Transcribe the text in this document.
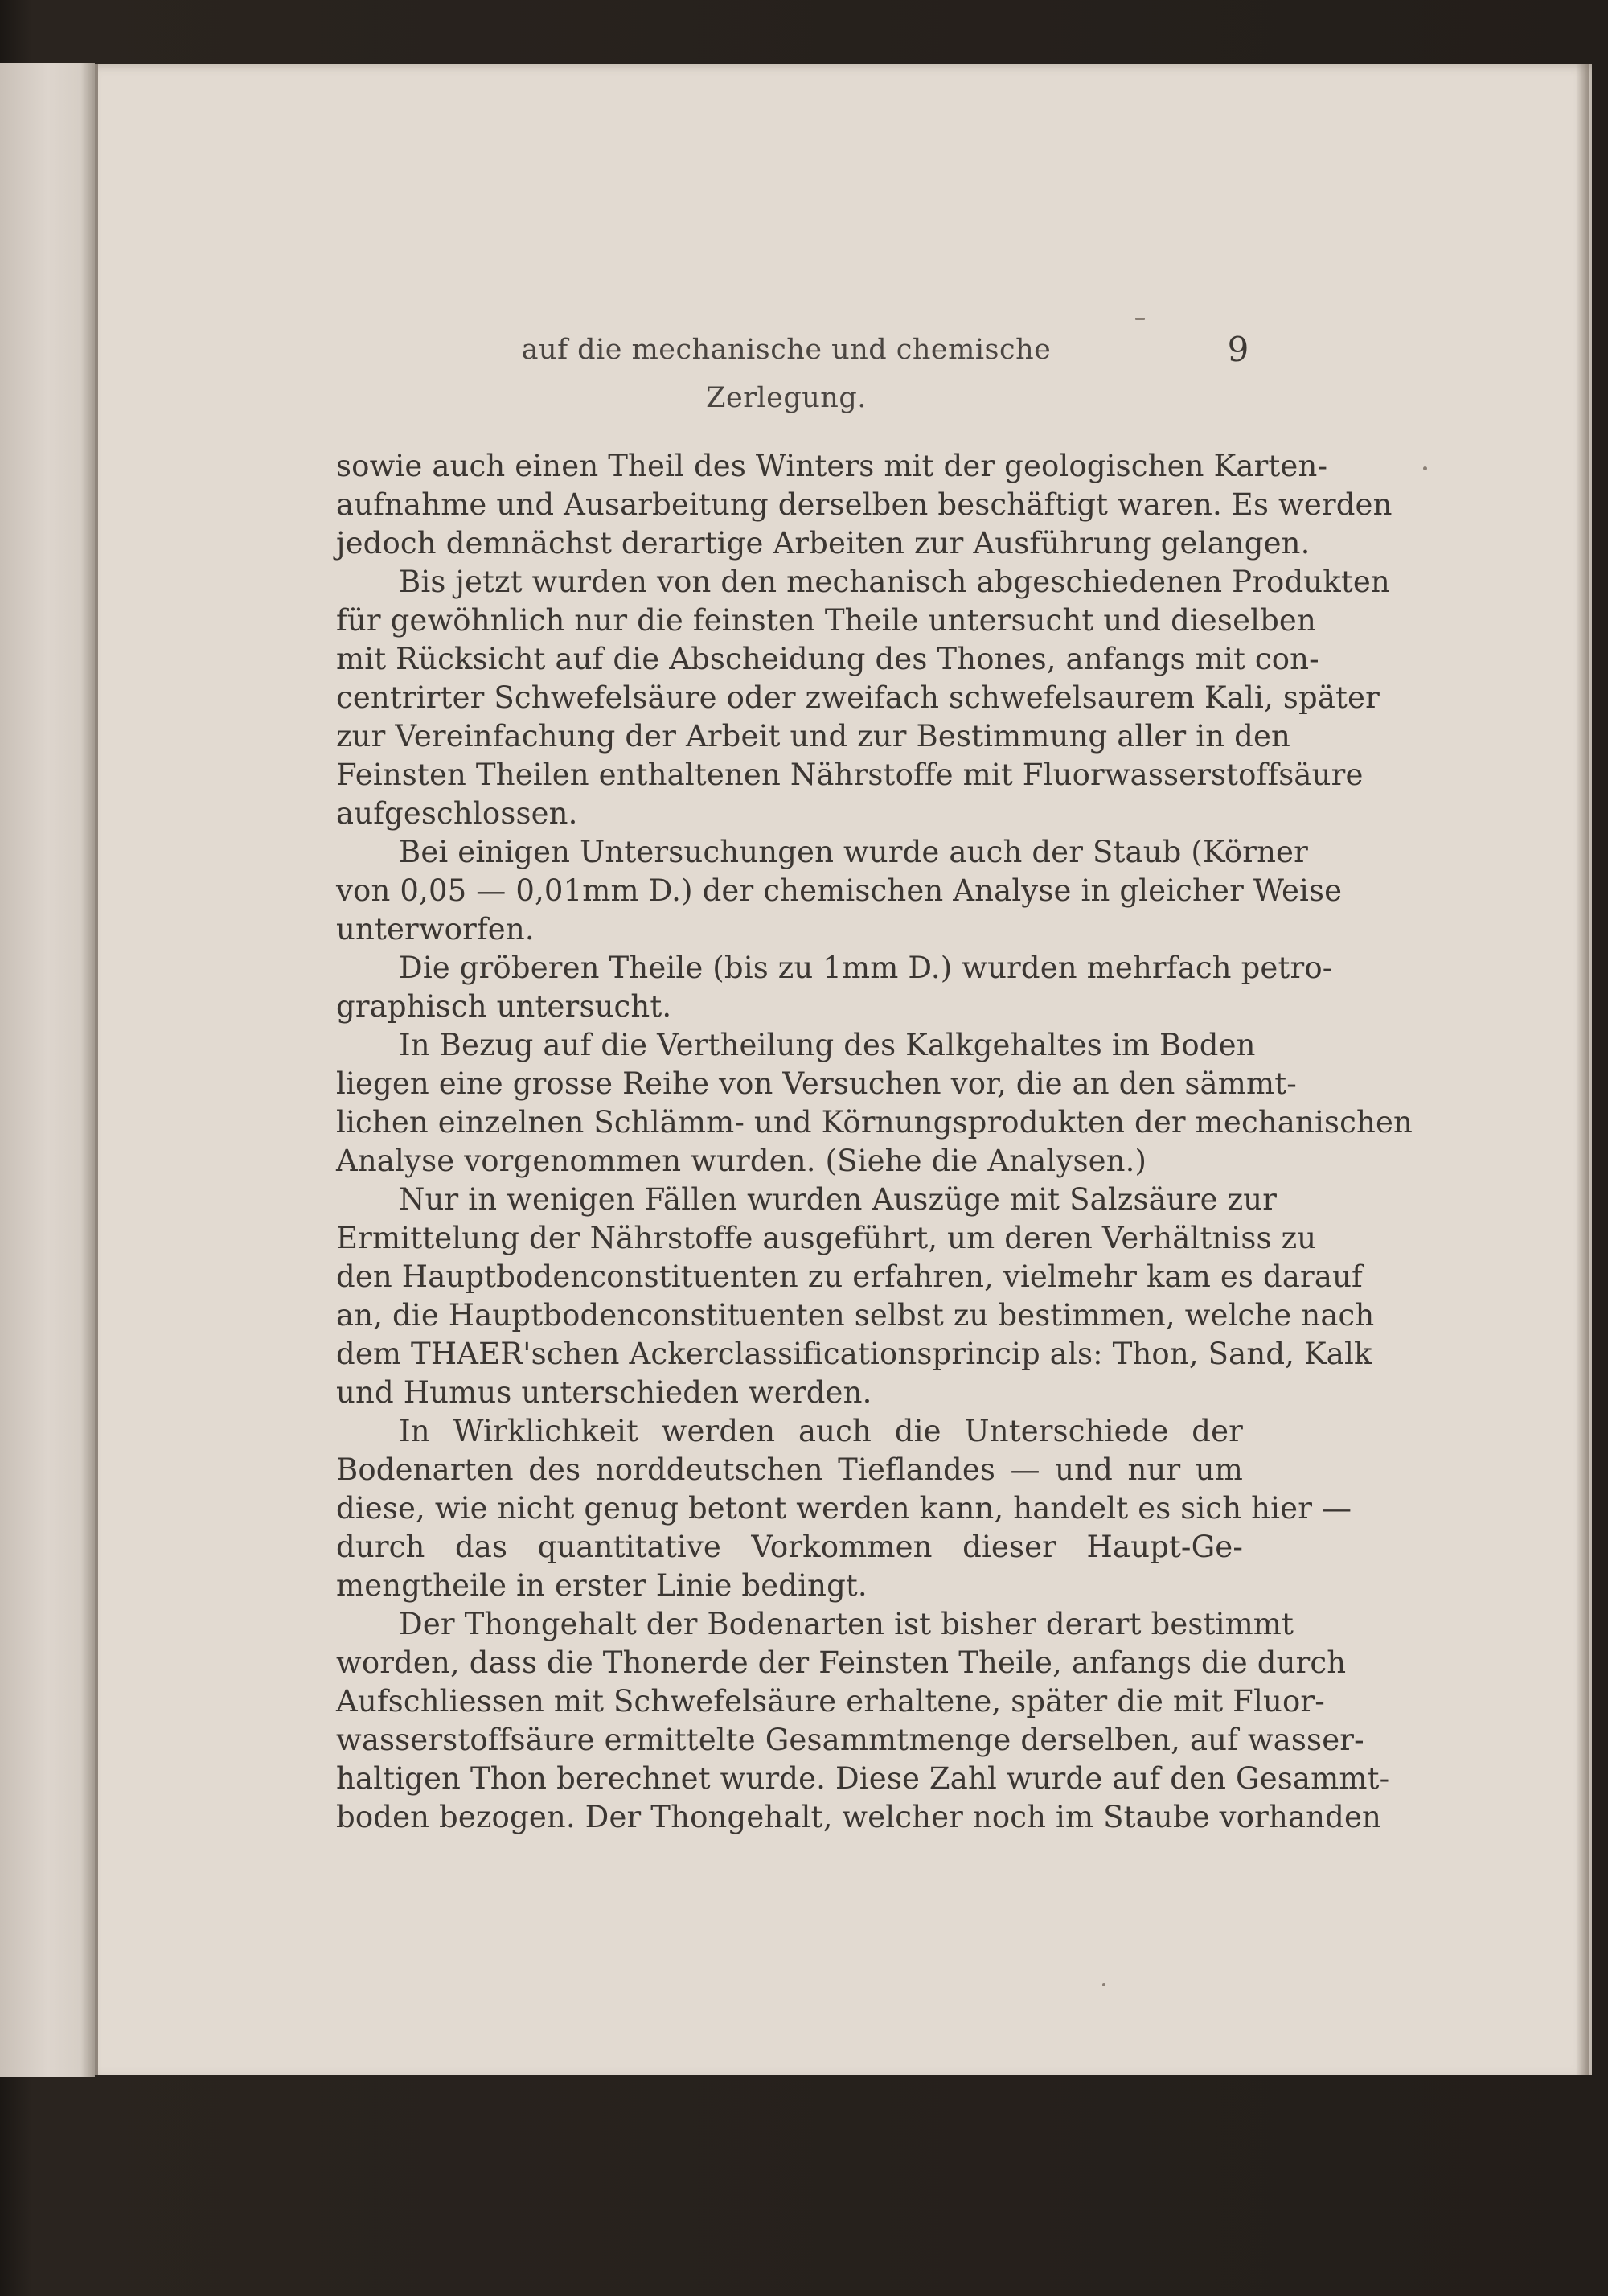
auf die mechanische und chemische Zerlegung.
9
sowie auch einen Theil des Winters mit der geologischen Karten-
aufnahme und Ausarbeitung derselben beschäftigt waren. Es werden
jedoch demnächst derartige Arbeiten zur Ausführung gelangen.
Bis jetzt wurden von den mechanisch abgeschiedenen Produkten
für gewöhnlich nur die feinsten Theile untersucht und dieselben
mit Rücksicht auf die Abscheidung des Thones, anfangs mit con-
centrirter Schwefelsäure oder zweifach schwefelsaurem Kali, später
zur Vereinfachung der Arbeit und zur Bestimmung aller in den
Feinsten Theilen enthaltenen Nährstoffe mit Fluorwasserstoffsäure
aufgeschlossen.
Bei einigen Untersuchungen wurde auch der Staub (Körner
von 0,05 — 0,01mm D.) der chemischen Analyse in gleicher Weise
unterworfen.
Die gröberen Theile (bis zu 1mm D.) wurden mehrfach petro-
graphisch untersucht.
In Bezug auf die Vertheilung des Kalkgehaltes im Boden
liegen eine grosse Reihe von Versuchen vor, die an den sämmt-
lichen einzelnen Schlämm- und Körnungsprodukten der mechanischen
Analyse vorgenommen wurden. (Siehe die Analysen.)
Nur in wenigen Fällen wurden Auszüge mit Salzsäure zur
Ermittelung der Nährstoffe ausgeführt, um deren Verhältniss zu
den Hauptbodenconstituenten zu erfahren, vielmehr kam es darauf
an, die Hauptbodenconstituenten selbst zu bestimmen, welche nach
dem THAER'schen Ackerclassificationsprincip als: Thon, Sand, Kalk
und Humus unterschieden werden.
In Wirklichkeit werden auch die Unterschiede der
Bodenarten des norddeutschen Tieflandes — und nur um
diese, wie nicht genug betont werden kann, handelt es sich hier —
durch das quantitative Vorkommen dieser Haupt-Ge-
mengtheile in erster Linie bedingt.
Der Thongehalt der Bodenarten ist bisher derart bestimmt
worden, dass die Thonerde der Feinsten Theile, anfangs die durch
Aufschliessen mit Schwefelsäure erhaltene, später die mit Fluor-
wasserstoffsäure ermittelte Gesammtmenge derselben, auf wasser-
haltigen Thon berechnet wurde. Diese Zahl wurde auf den Gesammt-
boden bezogen. Der Thongehalt, welcher noch im Staube vorhanden
